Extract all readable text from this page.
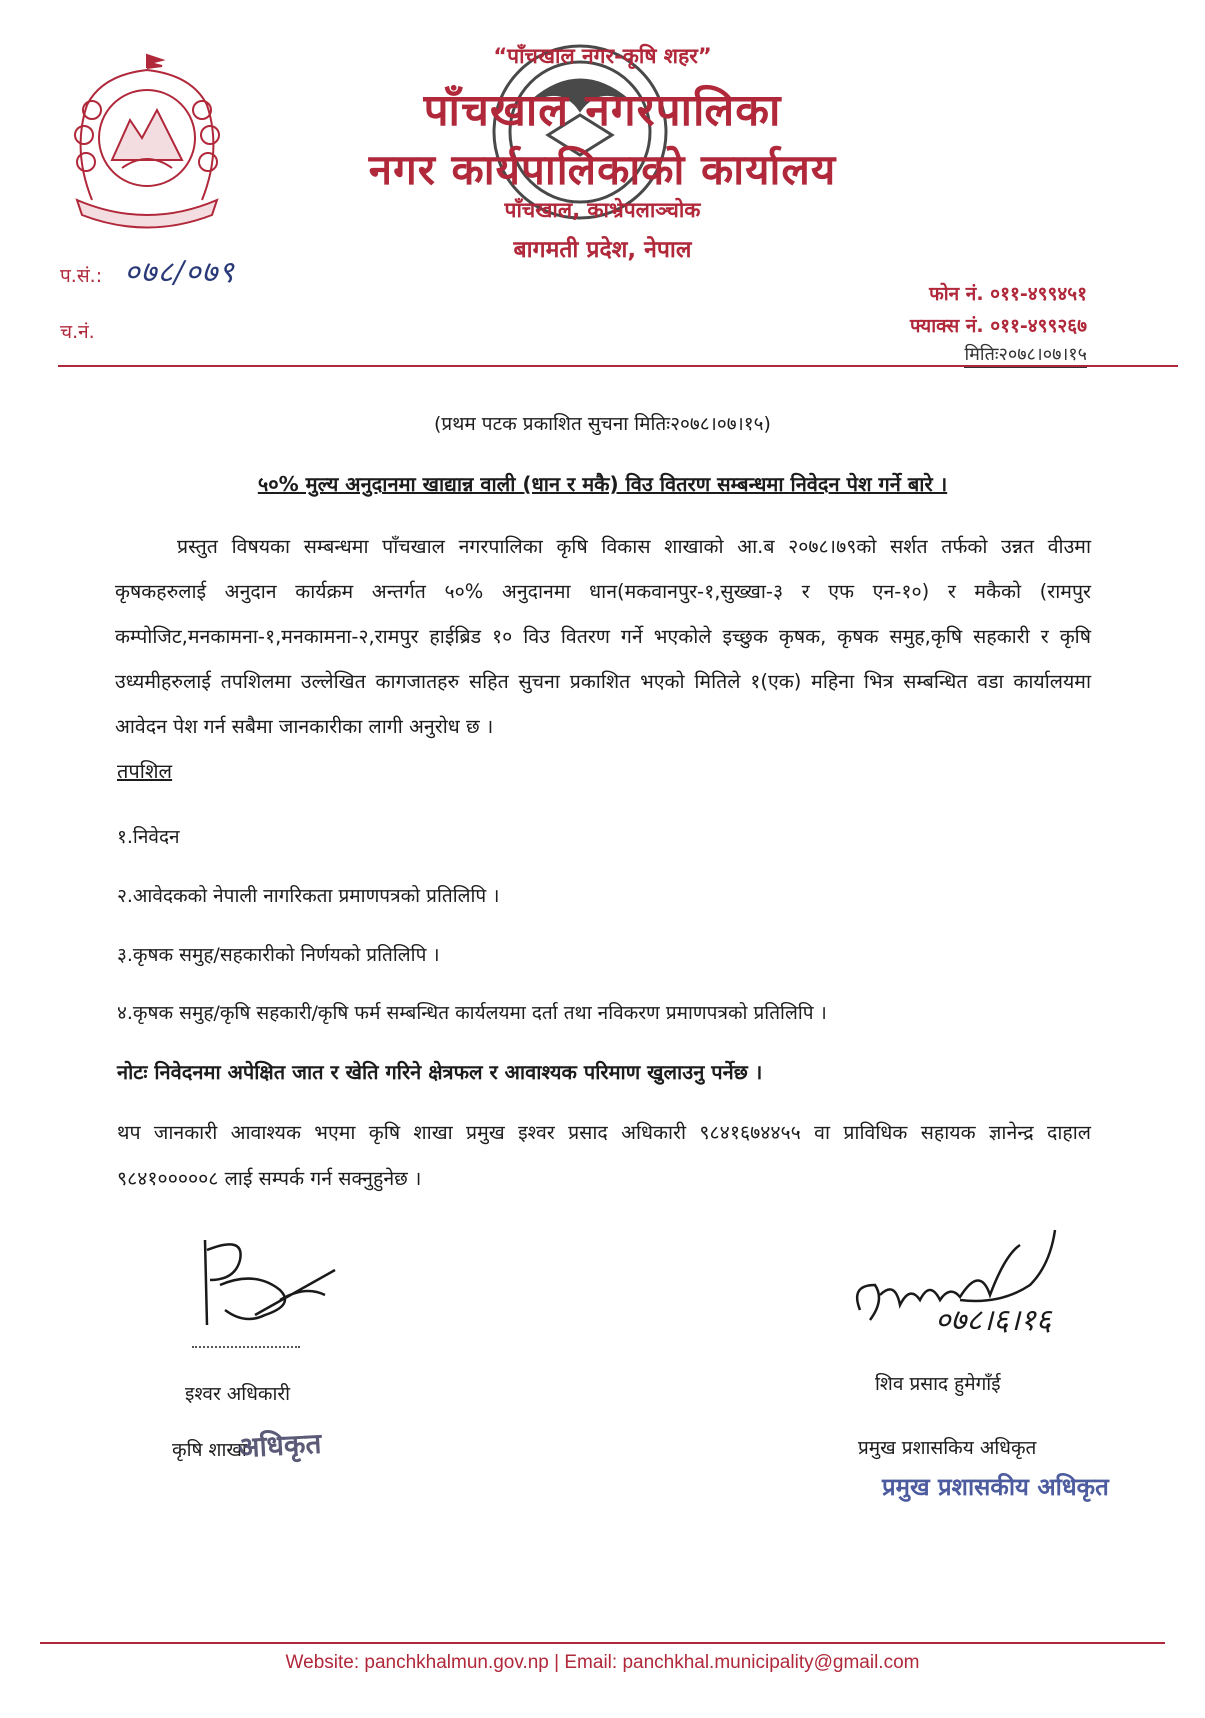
“पाँचखाल नगर-कृषि शहर”
पाँचखाल नगरपालिका
नगर कार्यपालिकाको कार्यालय
पाँचखाल, काभ्रेपलाञ्चोक
बागमती प्रदेश, नेपाल
प.सं.: ०७८/०७९
च.नं.
फोन नं. ०११-४९९४५१
फ्याक्स नं. ०११-४९९२६७
मितिः२०७८।०७।१५
(प्रथम पटक प्रकाशित सुचना मितिः२०७८।०७।१५)
५०% मुल्य अनुदानमा खाद्यान्न वाली (धान र मकै) विउ वितरण सम्बन्धमा निवेदन पेश गर्ने बारे ।

प्रस्तुत विषयका सम्बन्धमा पाँचखाल नगरपालिका कृषि विकास शाखाको आ.ब २०७८।७९को सर्शत तर्फको उन्नत वीउमा कृषकहरुलाई अनुदान कार्यक्रम अन्तर्गत ५०% अनुदानमा धान(मकवानपुर-१,सुख्खा-३ र एफ एन-१०) र मकैको (रामपुर कम्पोजिट,मनकामना-१,मनकामना-२,रामपुर हाईब्रिड १० विउ वितरण गर्ने भएकोले इच्छुक कृषक, कृषक समुह,कृषि सहकारी र कृषि उध्यमीहरुलाई तपशिलमा उल्लेखित कागजातहरु सहित सुचना प्रकाशित भएको मितिले १(एक) महिना भित्र सम्बन्धित वडा कार्यालयमा आवेदन पेश गर्न सबैमा जानकारीका लागी अनुरोध छ ।

तपशिल
१.निवेदन
२.आवेदकको नेपाली नागरिकता प्रमाणपत्रको प्रतिलिपि ।
३.कृषक समुह/सहकारीको निर्णयको प्रतिलिपि ।
४.कृषक समुह/कृषि सहकारी/कृषि फर्म सम्बन्धित कार्यलयमा दर्ता तथा नविकरण प्रमाणपत्रको प्रतिलिपि ।
नोटः निवेदनमा अपेक्षित जात र खेति गरिने क्षेत्रफल र आवाश्यक परिमाण खुलाउनु पर्नेछ ।

थप जानकारी आवाश्यक भएमा कृषि शाखा प्रमुख इश्वर प्रसाद अधिकारी ९८४१६७४४५५ वा प्राविधिक सहायक ज्ञानेन्द्र दाहाल ९८४१०००००८ लाई सम्पर्क गर्न सक्नुहुनेछ ।

इश्वर अधिकारी
कृषि शाखा
अधिकृत
०७८।६।१६
शिव प्रसाद हुमेगाँई
प्रमुख प्रशासकिय अधिकृत
प्रमुख प्रशासकीय अधिकृत
Website: panchkhalmun.gov.np | Email: panchkhal.municipality@gmail.com
